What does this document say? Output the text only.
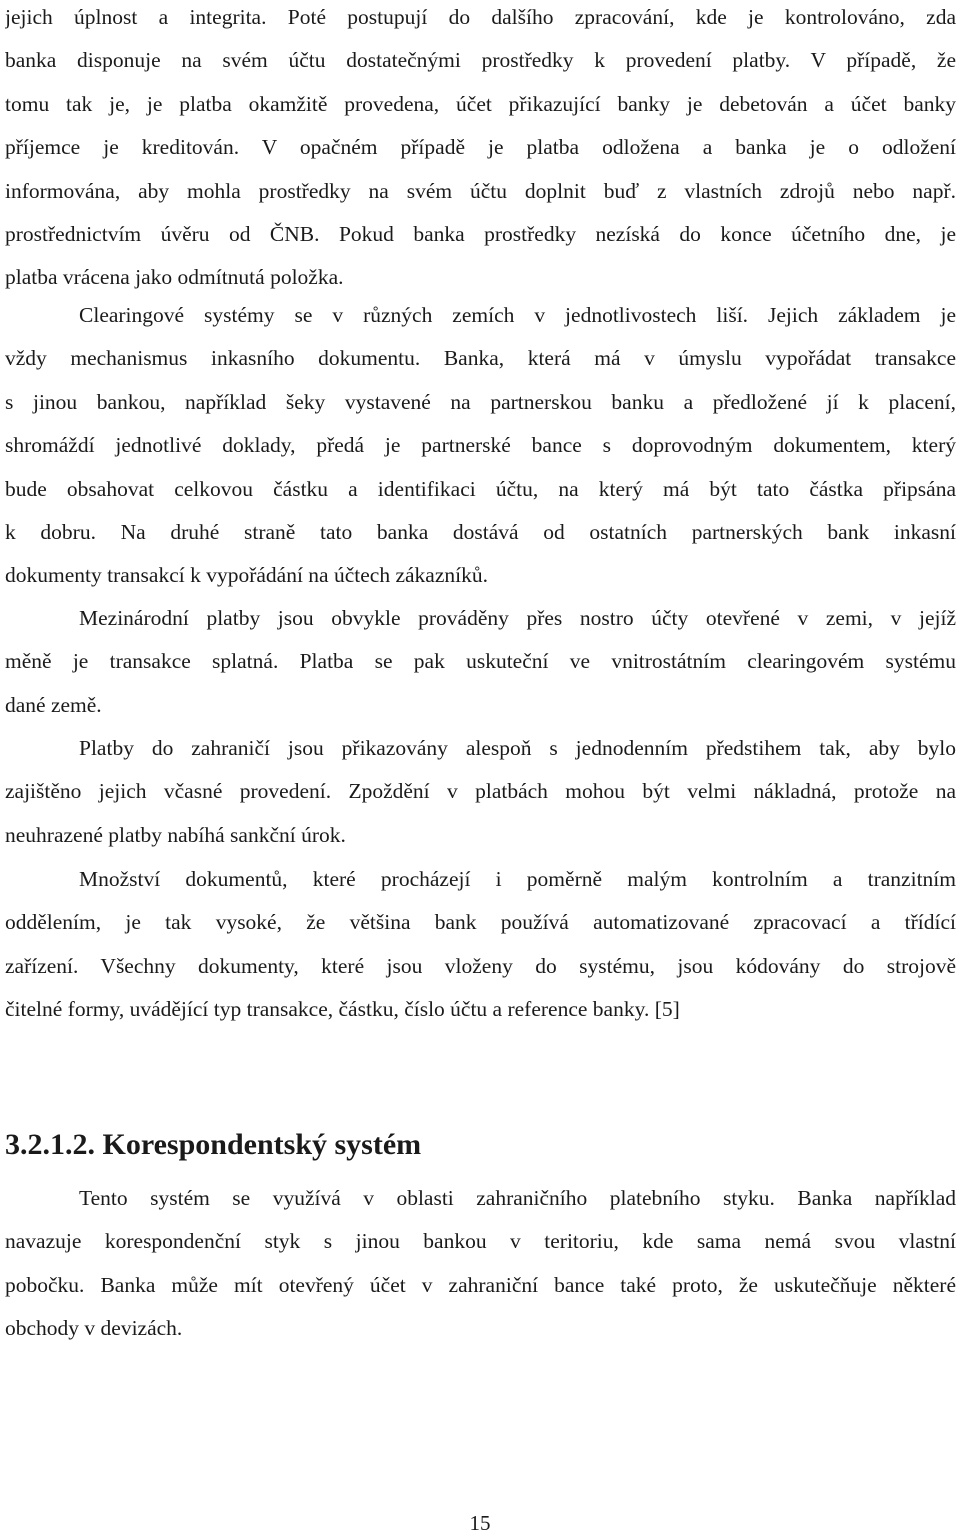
jejich úplnost a integrita. Poté postupují do dalšího zpracování, kde je kontrolováno, zda
banka disponuje na svém účtu dostatečnými prostředky k provedení platby. V případě, že
tomu tak je, je platba okamžitě provedena, účet přikazující banky je debetován a účet banky
příjemce je kreditován. V opačném případě je platba odložena a banka je o odložení
informována, aby mohla prostředky na svém účtu doplnit buď z vlastních zdrojů nebo např.
prostřednictvím úvěru od ČNB. Pokud banka prostředky nezíská do konce účetního dne, je
platba vrácena jako odmítnutá položka.
Clearingové systémy se v různých zemích v jednotlivostech liší. Jejich základem je
vždy mechanismus inkasního dokumentu. Banka, která má v úmyslu vypořádat transakce
s jinou bankou, například šeky vystavené na partnerskou banku a předložené jí k placení,
shromáždí jednotlivé doklady, předá je partnerské bance s doprovodným dokumentem, který
bude obsahovat celkovou částku a identifikaci účtu, na který má být tato částka připsána
k dobru. Na druhé straně tato banka dostává od ostatních partnerských bank inkasní
dokumenty transakcí k vypořádání na účtech zákazníků.
Mezinárodní platby jsou obvykle prováděny přes nostro účty otevřené v zemi, v jejíž
měně je transakce splatná. Platba se pak uskuteční ve vnitrostátním clearingovém systému
dané země.
Platby do zahraničí jsou přikazovány alespoň s jednodenním předstihem tak, aby bylo
zajištěno jejich včasné provedení. Zpoždění v platbách mohou být velmi nákladná, protože na
neuhrazené platby nabíhá sankční úrok.
Množství dokumentů, které procházejí i poměrně malým kontrolním a tranzitním
oddělením, je tak vysoké, že většina bank používá automatizované zpracovací a třídící
zařízení. Všechny dokumenty, které jsou vloženy do systému, jsou kódovány do strojově
čitelné formy, uvádějící typ transakce, částku, číslo účtu a reference banky. [5]
Tento systém se využívá v oblasti zahraničního platebního styku. Banka například
navazuje korespondenční styk s jinou bankou v teritoriu, kde sama nemá svou vlastní
pobočku. Banka může mít otevřený účet v zahraniční bance také proto, že uskutečňuje některé
obchody v devizách.
3.2.1.2. Korespondentský systém
15
